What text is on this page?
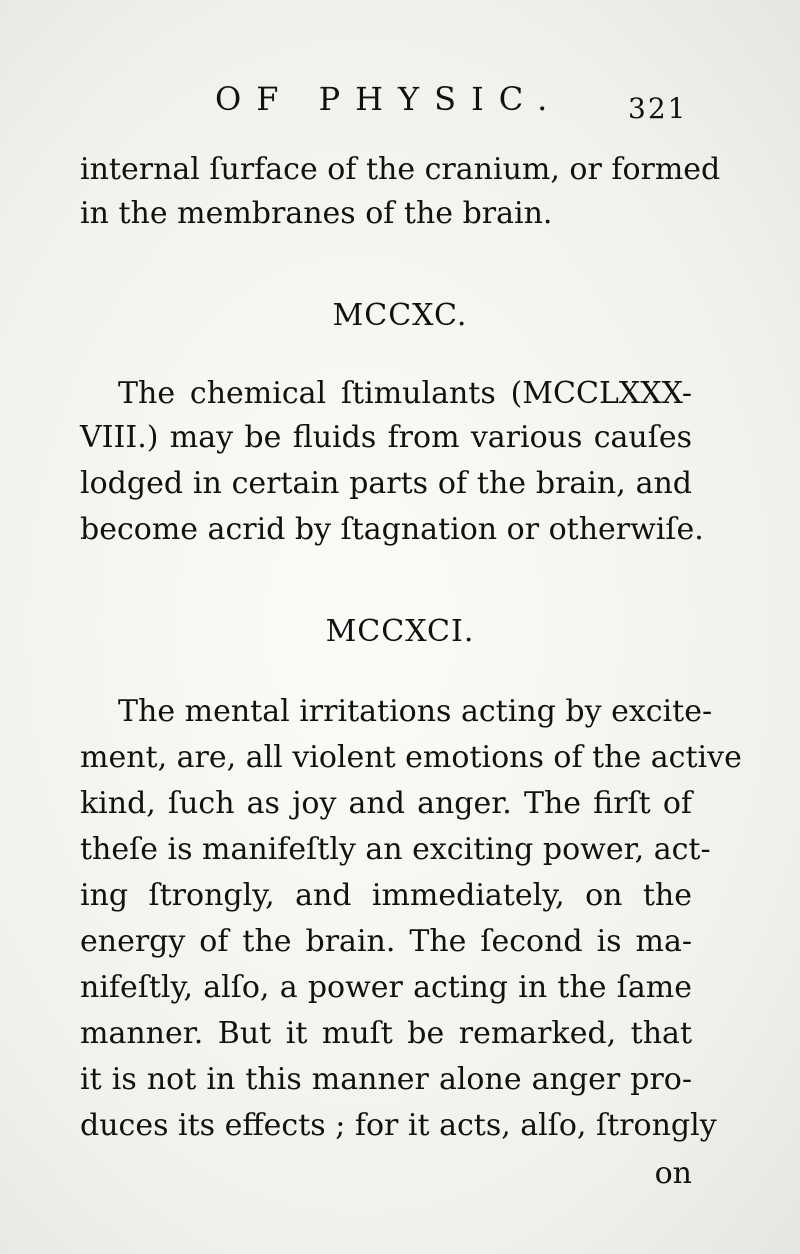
OF PHYSIC. 321
internal ſurface of the cranium, or formed
in the membranes of the brain.
MCCXC.
The chemical ſtimulants (MCCLXXX-
VIII.) may be fluids from various cauſes
lodged in certain parts of the brain, and
become acrid by ſtagnation or otherwiſe.
MCCXCI.
The mental irritations acting by excite-
ment, are, all violent emotions of the active
kind, ſuch as joy and anger. The firſt of
theſe is manifeſtly an exciting power, act-
ing ſtrongly, and immediately, on the
energy of the brain. The ſecond is ma-
nifeſtly, alſo, a power acting in the ſame
manner. But it muſt be remarked, that
it is not in this manner alone anger pro-
duces its effects ; for it acts, alſo, ſtrongly
on
